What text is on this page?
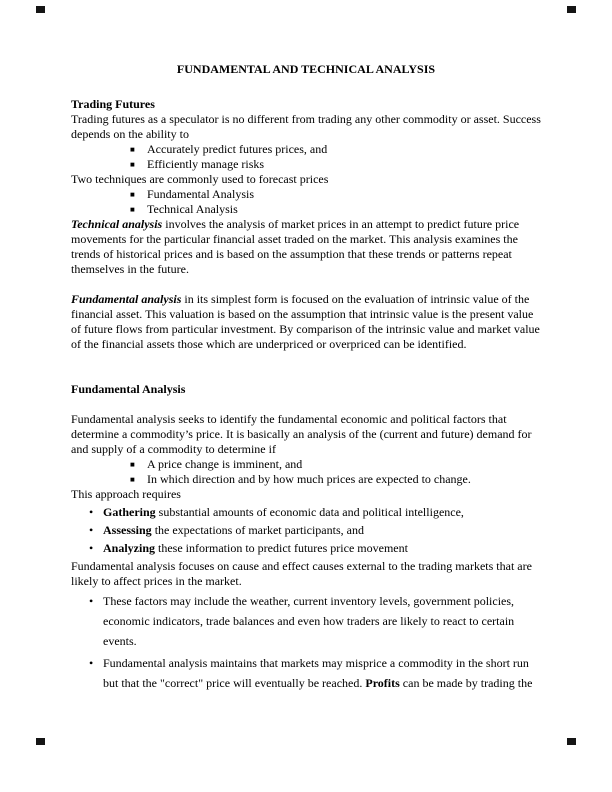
FUNDAMENTAL AND TECHNICAL ANALYSIS
Trading Futures

Trading futures as a speculator is no different from trading any other commodity or asset. Success depends on the ability to

■	Accurately predict futures prices, and
■	Efficiently manage risks

Two techniques are commonly used to forecast prices

■	Fundamental Analysis
■	Technical Analysis

Technical analysis involves the analysis of market prices in an attempt to predict future price movements for the particular financial asset traded on the market. This analysis examines the trends of historical prices and is based on the assumption that these trends or patterns repeat themselves in the future.

Fundamental analysis in its simplest form is focused on the evaluation of intrinsic value of the financial asset. This valuation is based on the assumption that intrinsic value is the present value of future flows from particular investment. By comparison of the intrinsic value and market value of the financial assets those which are underpriced or overpriced can be identified.

Fundamental Analysis

Fundamental analysis seeks to identify the fundamental economic and political factors that determine a commodity’s price. It is basically an analysis of the (current and future) demand for and supply of a commodity to determine if

■	A price change is imminent, and
■	In which direction and by how much prices are expected to change.

This approach requires

• Gathering substantial amounts of economic data and political intelligence,
• Assessing the expectations of market participants, and
• Analyzing these information to predict futures price movement

Fundamental analysis focuses on cause and effect causes external to the trading markets that are likely to affect prices in the market.

• These factors may include the weather, current inventory levels, government policies, economic indicators, trade balances and even how traders are likely to react to certain events.
• Fundamental analysis maintains that markets may misprice a commodity in the short run but that the "correct" price will eventually be reached. Profits can be made by trading the
